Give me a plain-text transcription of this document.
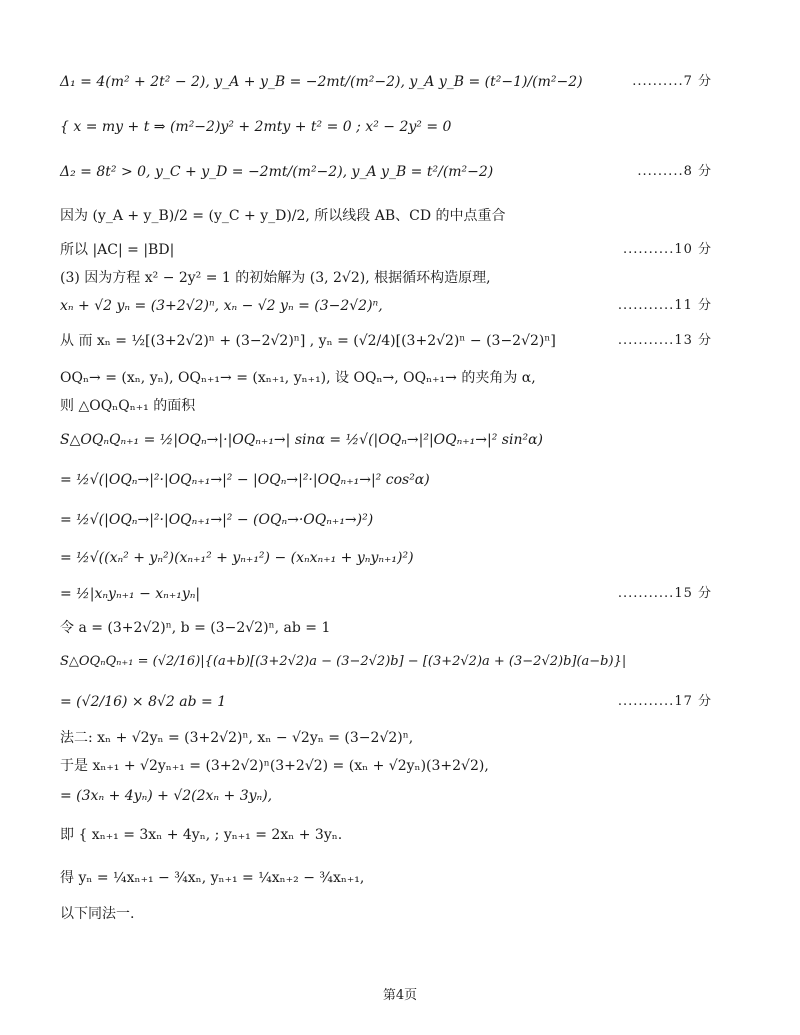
Δ₁ = 4(m² + 2t² − 2), y_A + y_B = −2mt/(m²−2), y_A y_B = (t²−1)/(m²−2)	..........7 分
{ x = my + t ⇒ (m²−2)y² + 2mty + t² = 0 ; x² − 2y² = 0
Δ₂ = 8t² > 0, y_C + y_D = −2mt/(m²−2), y_A y_B = t²/(m²−2)	.........8 分
因为 (y_A + y_B)/2 = (y_C + y_D)/2, 所以线段 AB、CD 的中点重合
所以 |AC| = |BD|	..........10 分
(3) 因为方程 x² − 2y² = 1 的初始解为 (3, 2√2), 根据循环构造原理,
xₙ + √2 yₙ = (3+2√2)ⁿ, xₙ − √2 yₙ = (3−2√2)ⁿ,	...........11 分
从 而 xₙ = ½[(3+2√2)ⁿ + (3−2√2)ⁿ] , yₙ = (√2/4)[(3+2√2)ⁿ − (3−2√2)ⁿ]	...........13 分
OQₙ→ = (xₙ, yₙ), OQₙ₊₁→ = (xₙ₊₁, yₙ₊₁), 设 OQₙ→, OQₙ₊₁→ 的夹角为 α,
则 △OQₙQₙ₊₁ 的面积
S△OQₙQₙ₊₁ = ½|OQₙ→|·|OQₙ₊₁→| sinα = ½√(|OQₙ→|²|OQₙ₊₁→|² sin²α)
= ½√(|OQₙ→|²·|OQₙ₊₁→|² − |OQₙ→|²·|OQₙ₊₁→|² cos²α)
= ½√(|OQₙ→|²·|OQₙ₊₁→|² − (OQₙ→·OQₙ₊₁→)²)
= ½√((xₙ² + yₙ²)(xₙ₊₁² + yₙ₊₁²) − (xₙxₙ₊₁ + yₙyₙ₊₁)²)
= ½|xₙyₙ₊₁ − xₙ₊₁yₙ|	...........15 分
令 a = (3+2√2)ⁿ, b = (3−2√2)ⁿ, ab = 1
S△OQₙQₙ₊₁ = (√2/16)|{(a+b)[(3+2√2)a − (3−2√2)b] − [(3+2√2)a + (3−2√2)b](a−b)}|
= (√2/16) × 8√2 ab = 1	...........17 分
法二: xₙ + √2yₙ = (3+2√2)ⁿ, xₙ − √2yₙ = (3−2√2)ⁿ,
于是 xₙ₊₁ + √2yₙ₊₁ = (3+2√2)ⁿ(3+2√2) = (xₙ + √2yₙ)(3+2√2),
= (3xₙ + 4yₙ) + √2(2xₙ + 3yₙ),
即 { xₙ₊₁ = 3xₙ + 4yₙ, ; yₙ₊₁ = 2xₙ + 3yₙ.
得 yₙ = ¼xₙ₊₁ − ¾xₙ, yₙ₊₁ = ¼xₙ₊₂ − ¾xₙ₊₁,
以下同法一.
第4页
